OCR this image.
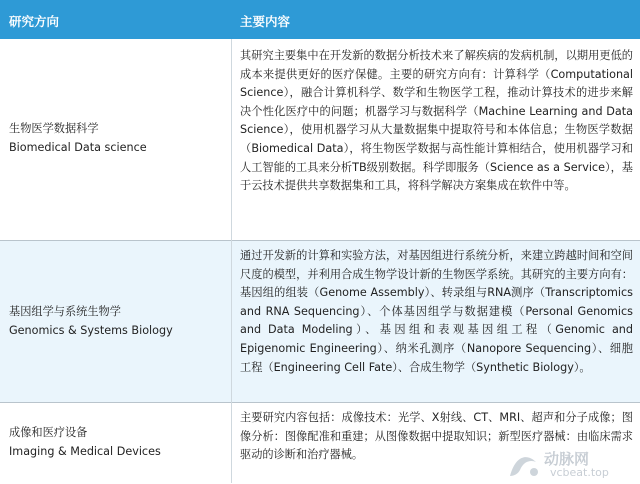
研究方向	主要内容
生物医学数据科学
Biomedical Data science
其研究主要集中在开发新的数据分析技术来了解疾病的发病机制，以期用更低的成本来提供更好的医疗保健。主要的研究方向有：计算科学（Computational Science），融合计算机科学、数学和生物医学工程，推动计算技术的进步来解决个性化医疗中的问题；机器学习与数据科学（Machine Learning and Data Science），使用机器学习从大量数据集中提取符号和本体信息；生物医学数据（Biomedical Data），将生物医学数据与高性能计算相结合，使用机器学习和人工智能的工具来分析TB级别数据。科学即服务（Science as a Service），基于云技术提供共享数据集和工具，将科学解决方案集成在软件中等。
基因组学与系统生物学
Genomics & Systems Biology
通过开发新的计算和实验方法，对基因组进行系统分析，来建立跨越时间和空间尺度的模型，并利用合成生物学设计新的生物医学系统。其研究的主要方向有：基因组的组装（Genome Assembly）、转录组与RNA测序（Transcriptomics and RNA Sequencing）、个体基因组学与数据建模（Personal Genomics and Data Modeling）、基因组和表观基因组工程（Genomic and Epigenomic Engineering）、纳米孔测序（Nanopore Sequencing）、细胞工程（Engineering Cell Fate）、合成生物学（Synthetic Biology）。
成像和医疗设备
Imaging & Medical Devices
主要研究内容包括：成像技术：光学、X射线、CT、MRI、超声和分子成像；图像分析：图像配准和重建；从图像数据中提取知识；新型医疗器械：由临床需求驱动的诊断和治疗器械。	动脉网
vcbeat.top
